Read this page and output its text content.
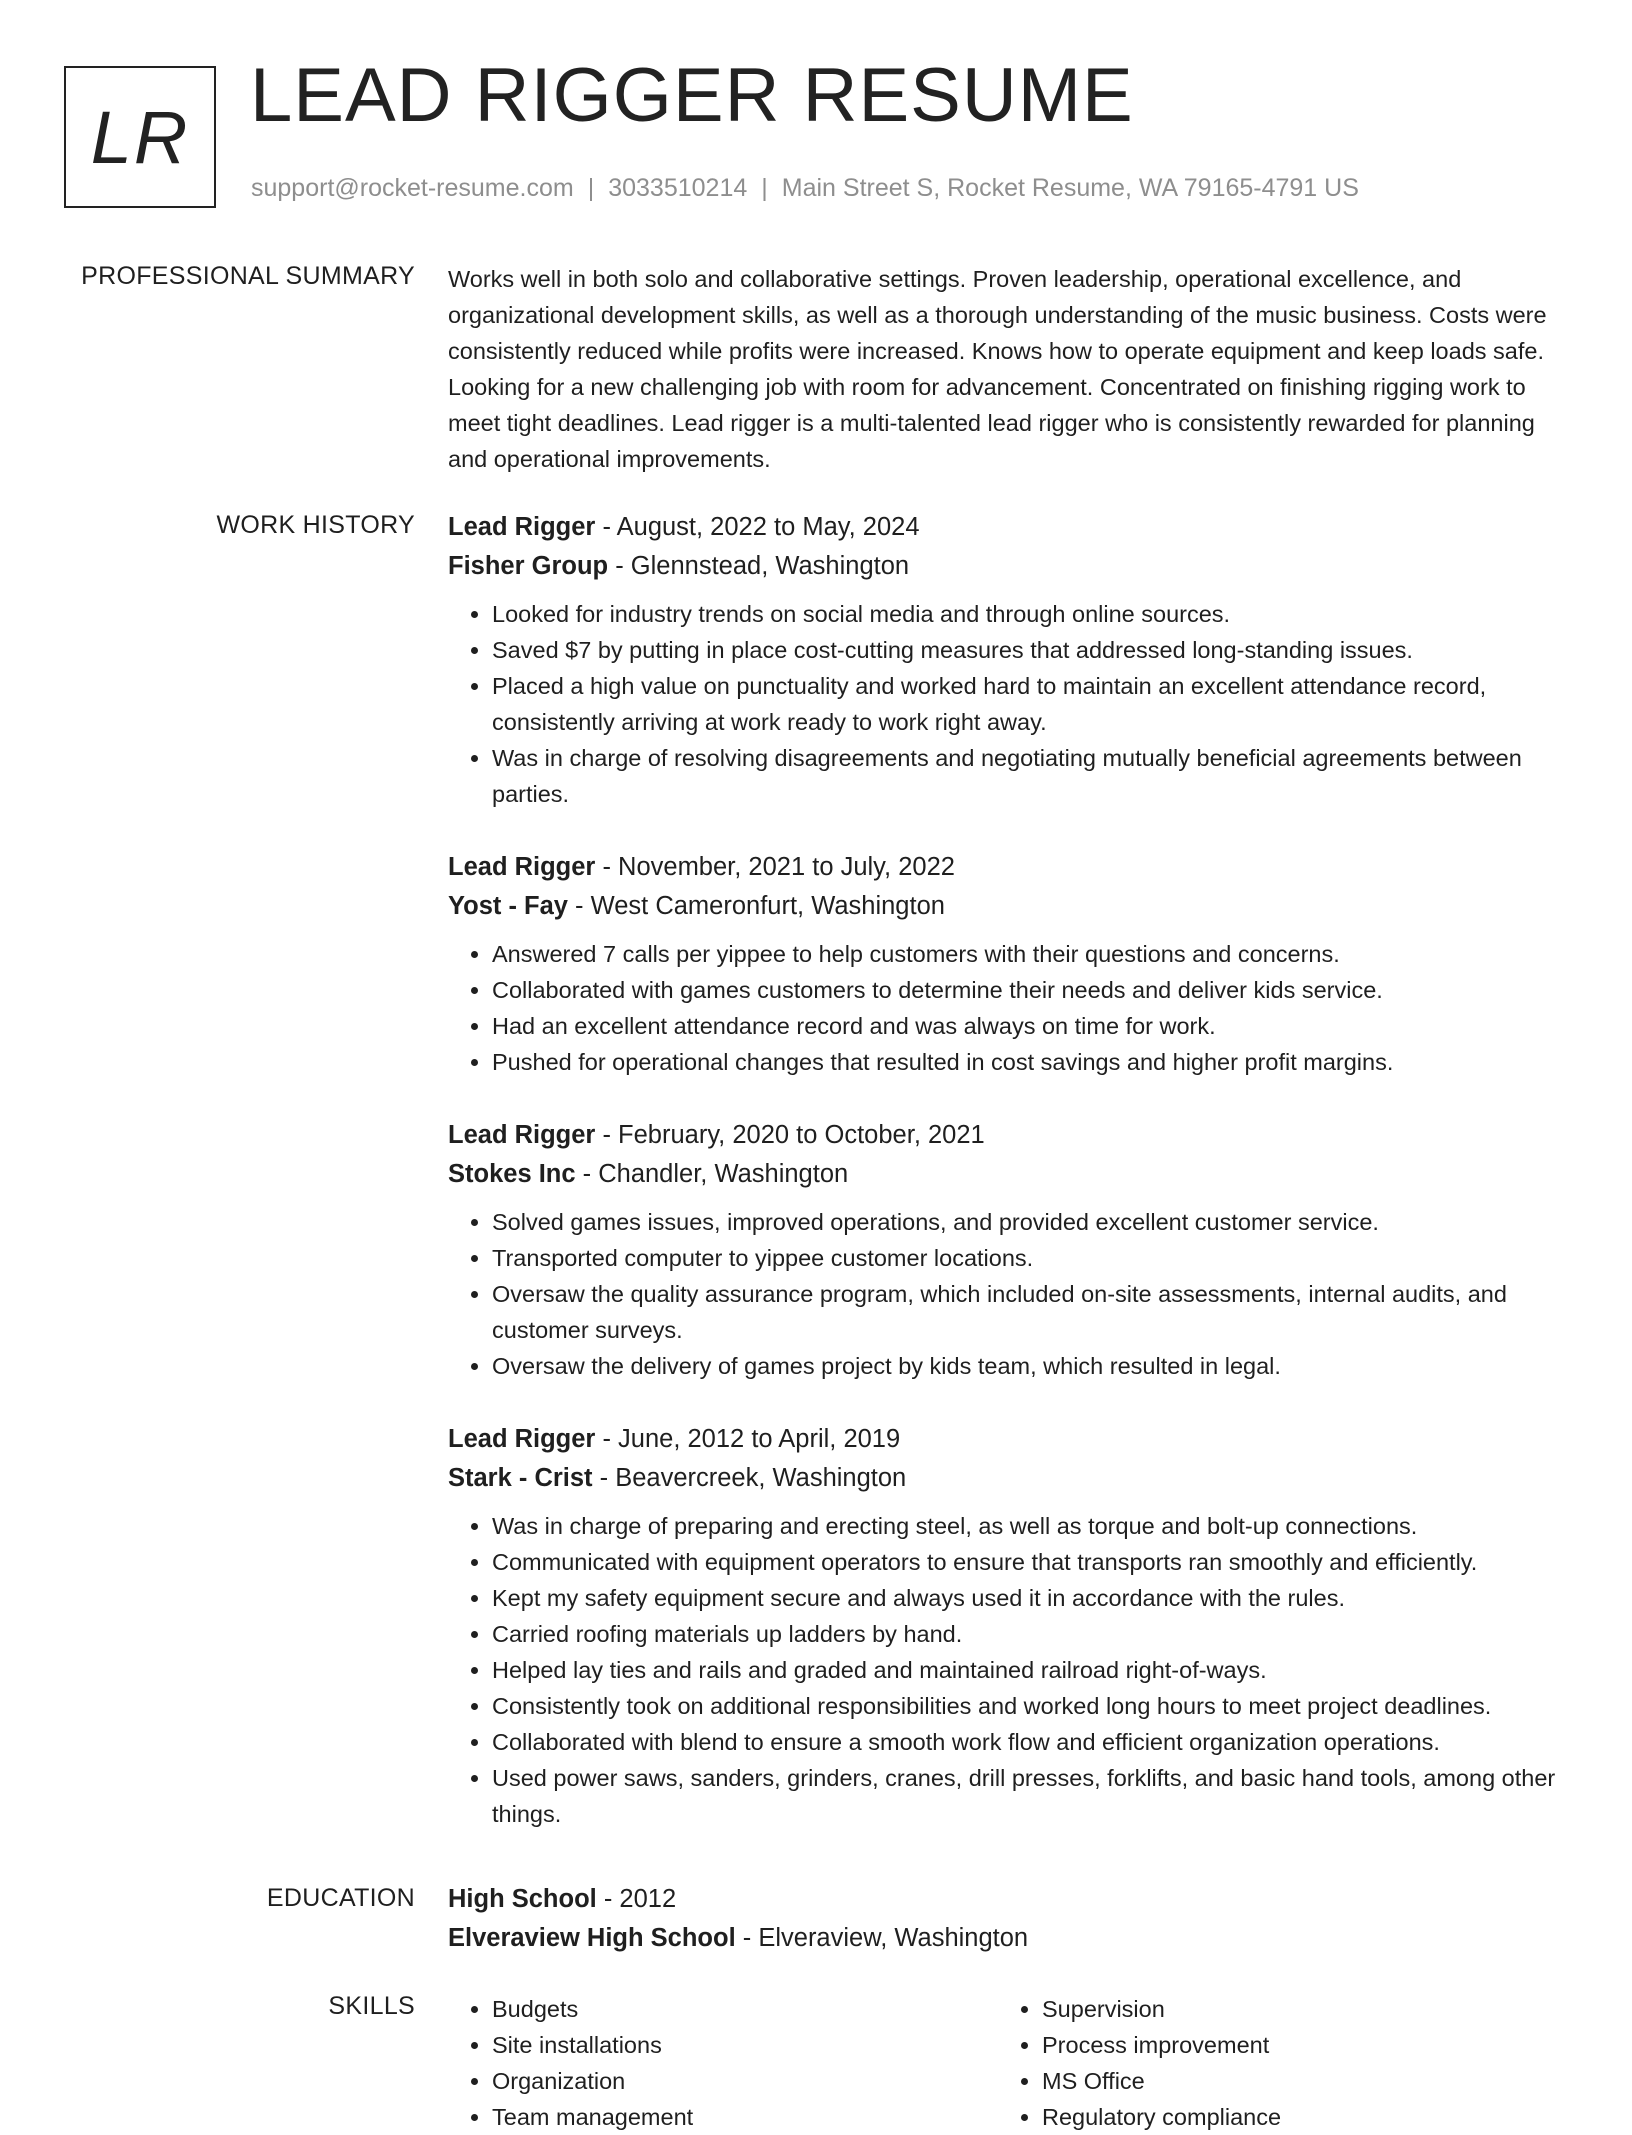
LR LEAD RIGGER RESUME
support@rocket-resume.com | 3033510214 | Main Street S, Rocket Resume, WA 79165-4791 US
PROFESSIONAL SUMMARY Works well in both solo and collaborative settings. Proven leadership, operational excellence, and organizational development skills, as well as a thorough understanding of the music business. Costs were consistently reduced while profits were increased. Knows how to operate equipment and keep loads safe. Looking for a new challenging job with room for advancement. Concentrated on finishing rigging work to meet tight deadlines. Lead rigger is a multi-talented lead rigger who is consistently rewarded for planning and operational improvements.

WORK HISTORY Lead Rigger - August, 2022 to May, 2024

Fisher Group - Glennstead, Washington

• Looked for industry trends on social media and through online sources.
• Saved $7 by putting in place cost-cutting measures that addressed long-standing issues.
• Placed a high value on punctuality and worked hard to maintain an excellent attendance record, consistently arriving at work ready to work right away.
• Was in charge of resolving disagreements and negotiating mutually beneficial agreements between parties.

Lead Rigger - November, 2021 to July, 2022

Yost - Fay - West Cameronfurt, Washington

• Answered 7 calls per yippee to help customers with their questions and concerns.
• Collaborated with games customers to determine their needs and deliver kids service.
• Had an excellent attendance record and was always on time for work.
• Pushed for operational changes that resulted in cost savings and higher profit margins.

Lead Rigger - February, 2020 to October, 2021

Stokes Inc - Chandler, Washington

• Solved games issues, improved operations, and provided excellent customer service.
• Transported computer to yippee customer locations.
• Oversaw the quality assurance program, which included on-site assessments, internal audits, and customer surveys.
• Oversaw the delivery of games project by kids team, which resulted in legal.

Lead Rigger - June, 2012 to April, 2019

Stark - Crist - Beavercreek, Washington

• Was in charge of preparing and erecting steel, as well as torque and bolt-up connections.
• Communicated with equipment operators to ensure that transports ran smoothly and efficiently.
• Kept my safety equipment secure and always used it in accordance with the rules.
• Carried roofing materials up ladders by hand.
• Helped lay ties and rails and graded and maintained railroad right-of-ways.
• Consistently took on additional responsibilities and worked long hours to meet project deadlines.
• Collaborated with blend to ensure a smooth work flow and efficient organization operations.
• Used power saws, sanders, grinders, cranes, drill presses, forklifts, and basic hand tools, among other things.
EDUCATION High School - 2012

Elveraview High School - Elveraview, Washington

SKILLS
•	Budgets
• Site installations
• Organization
• Team management
• Supervision
• Process improvement
• MS Office
• Regulatory compliance
